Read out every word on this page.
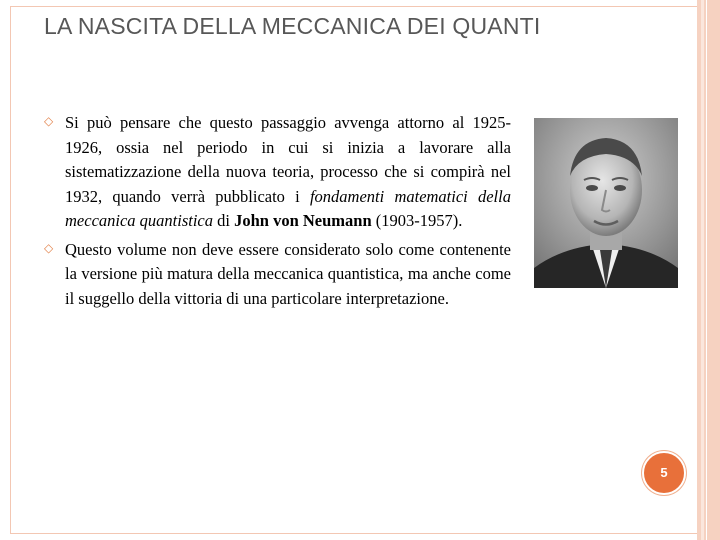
LA NASCITA DELLA MECCANICA DEI QUANTI
◇ Si può pensare che questo passaggio avvenga attorno al 1925-1926, ossia nel periodo in cui si inizia a lavorare alla sistematizzazione della nuova teoria, processo che si compirà nel 1932, quando verrà pubblicato i fondamenti matematici della meccanica quantistica di John von Neumann (1903-1957).
◇ Questo volume non deve essere considerato solo come contenente la versione più matura della meccanica quantistica, ma anche come il suggello della vittoria di una particolare interpretazione.
5
